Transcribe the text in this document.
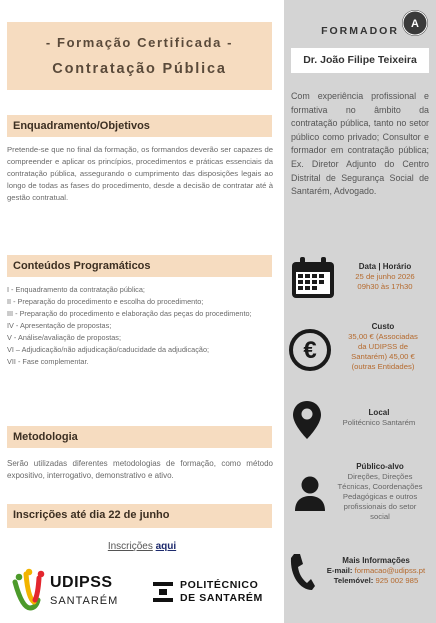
- Formação Certificada -
Contratação Pública
Enquadramento/Objetivos
Pretende-se que no final da formação, os formandos deverão ser capazes de compreender e aplicar os princípios, procedimentos e práticas essenciais da contratação pública, assegurando o cumprimento das disposições legais ao longo de todas as fases do procedimento, desde a decisão de contratar até à gestão contratual.
Conteúdos Programáticos
I - Enquadramento da contratação pública;
II - Preparação do procedimento e escolha do procedimento;
III - Preparação do procedimento e elaboração das peças do procedimento;
IV - Apresentação de propostas;
V - Análise/avaliação de propostas;
VI – Adjudicação/não adjudicação/caducidade da adjudicação;
VII - Fase complementar.
Metodologia
Serão utilizadas diferentes metodologias de formação, como método expositivo, interrogativo, demonstrativo e ativo.
Inscrições até dia 22 de junho
Inscrições aqui
UDIPSS
SANTARÉM
POLITÉCNICO
DE SANTARÉM
FORMADOR
A
Dr. João Filipe Teixeira
Com experiência profissional e formativa no âmbito da contratação pública, tanto no setor público como privado; Consultor e formador em contratação pública; Ex. Diretor Adjunto do Centro Distrital de Segurança Social de Santarém, Advogado.
Data | Horário
25 de junho 2026
09h30 às 17h30
€
Custo
35,00 € (Associadas
da UDIPSS de
Santarém) 45,00 €
(outras Entidades)
Local
Politécnico Santarém
Público-alvo
Direções, Direções
Técnicas, Coordenações
Pedagógicas e outros
profissionais do setor
social
Mais Informações
E-mail: formacao@udipss.pt
Telemóvel: 925 002 985
